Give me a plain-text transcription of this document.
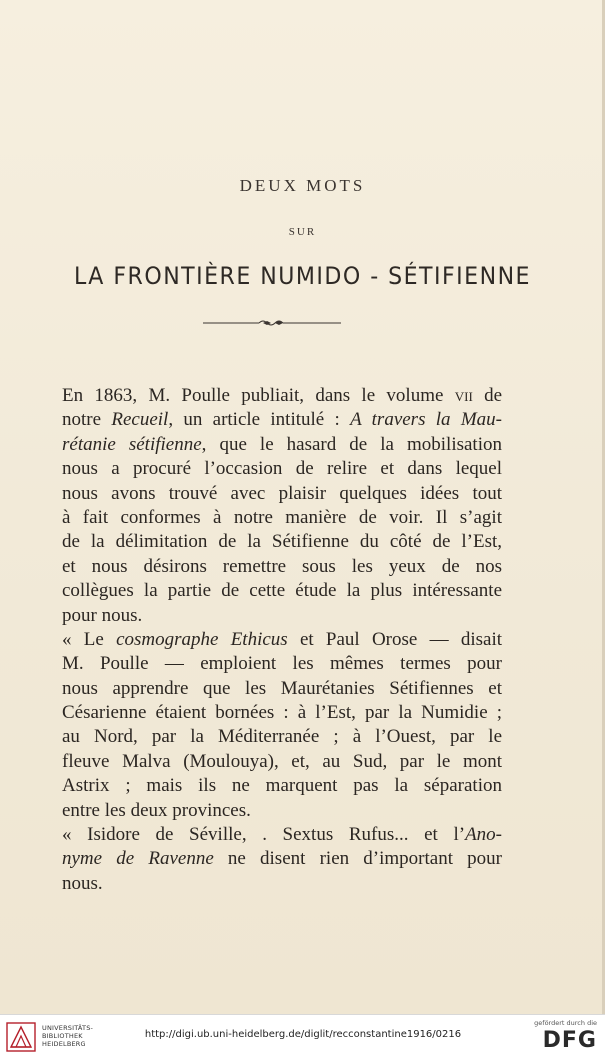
DEUX MOTS
SUR
LA FRONTIÈRE NUMIDO - SÉTIFIENNE
En 1863, M. Poulle publiait, dans le volume vii de
notre Recueil, un article intitulé : A travers la Mau-
rétanie sétifienne, que le hasard de la mobilisation
nous a procuré l’occasion de relire et dans lequel
nous avons trouvé avec plaisir quelques idées tout
à fait conformes à notre manière de voir. Il s’agit
de la délimitation de la Sétifienne du côté de l’Est,
et nous désirons remettre sous les yeux de nos
collègues la partie de cette étude la plus intéressante
pour nous.
« Le cosmographe Ethicus et Paul Orose — disait
M. Poulle — emploient les mêmes termes pour
nous apprendre que les Maurétanies Sétifiennes et
Césarienne étaient bornées : à l’Est, par la Numidie ;
au Nord, par la Méditerranée ; à l’Ouest, par le
fleuve Malva (Moulouya), et, au Sud, par le mont
Astrix ; mais ils ne marquent pas la séparation
entre les deux provinces.
« Isidore de Séville, . Sextus Rufus... et l’Ano-
nyme de Ravenne ne disent rien d’important pour
nous.
UNIVERSITÄTS-
BIBLIOTHEK
HEIDELBERG
http://digi.ub.uni-heidelberg.de/diglit/recconstantine1916/0216
gefördert durch die
DFG
